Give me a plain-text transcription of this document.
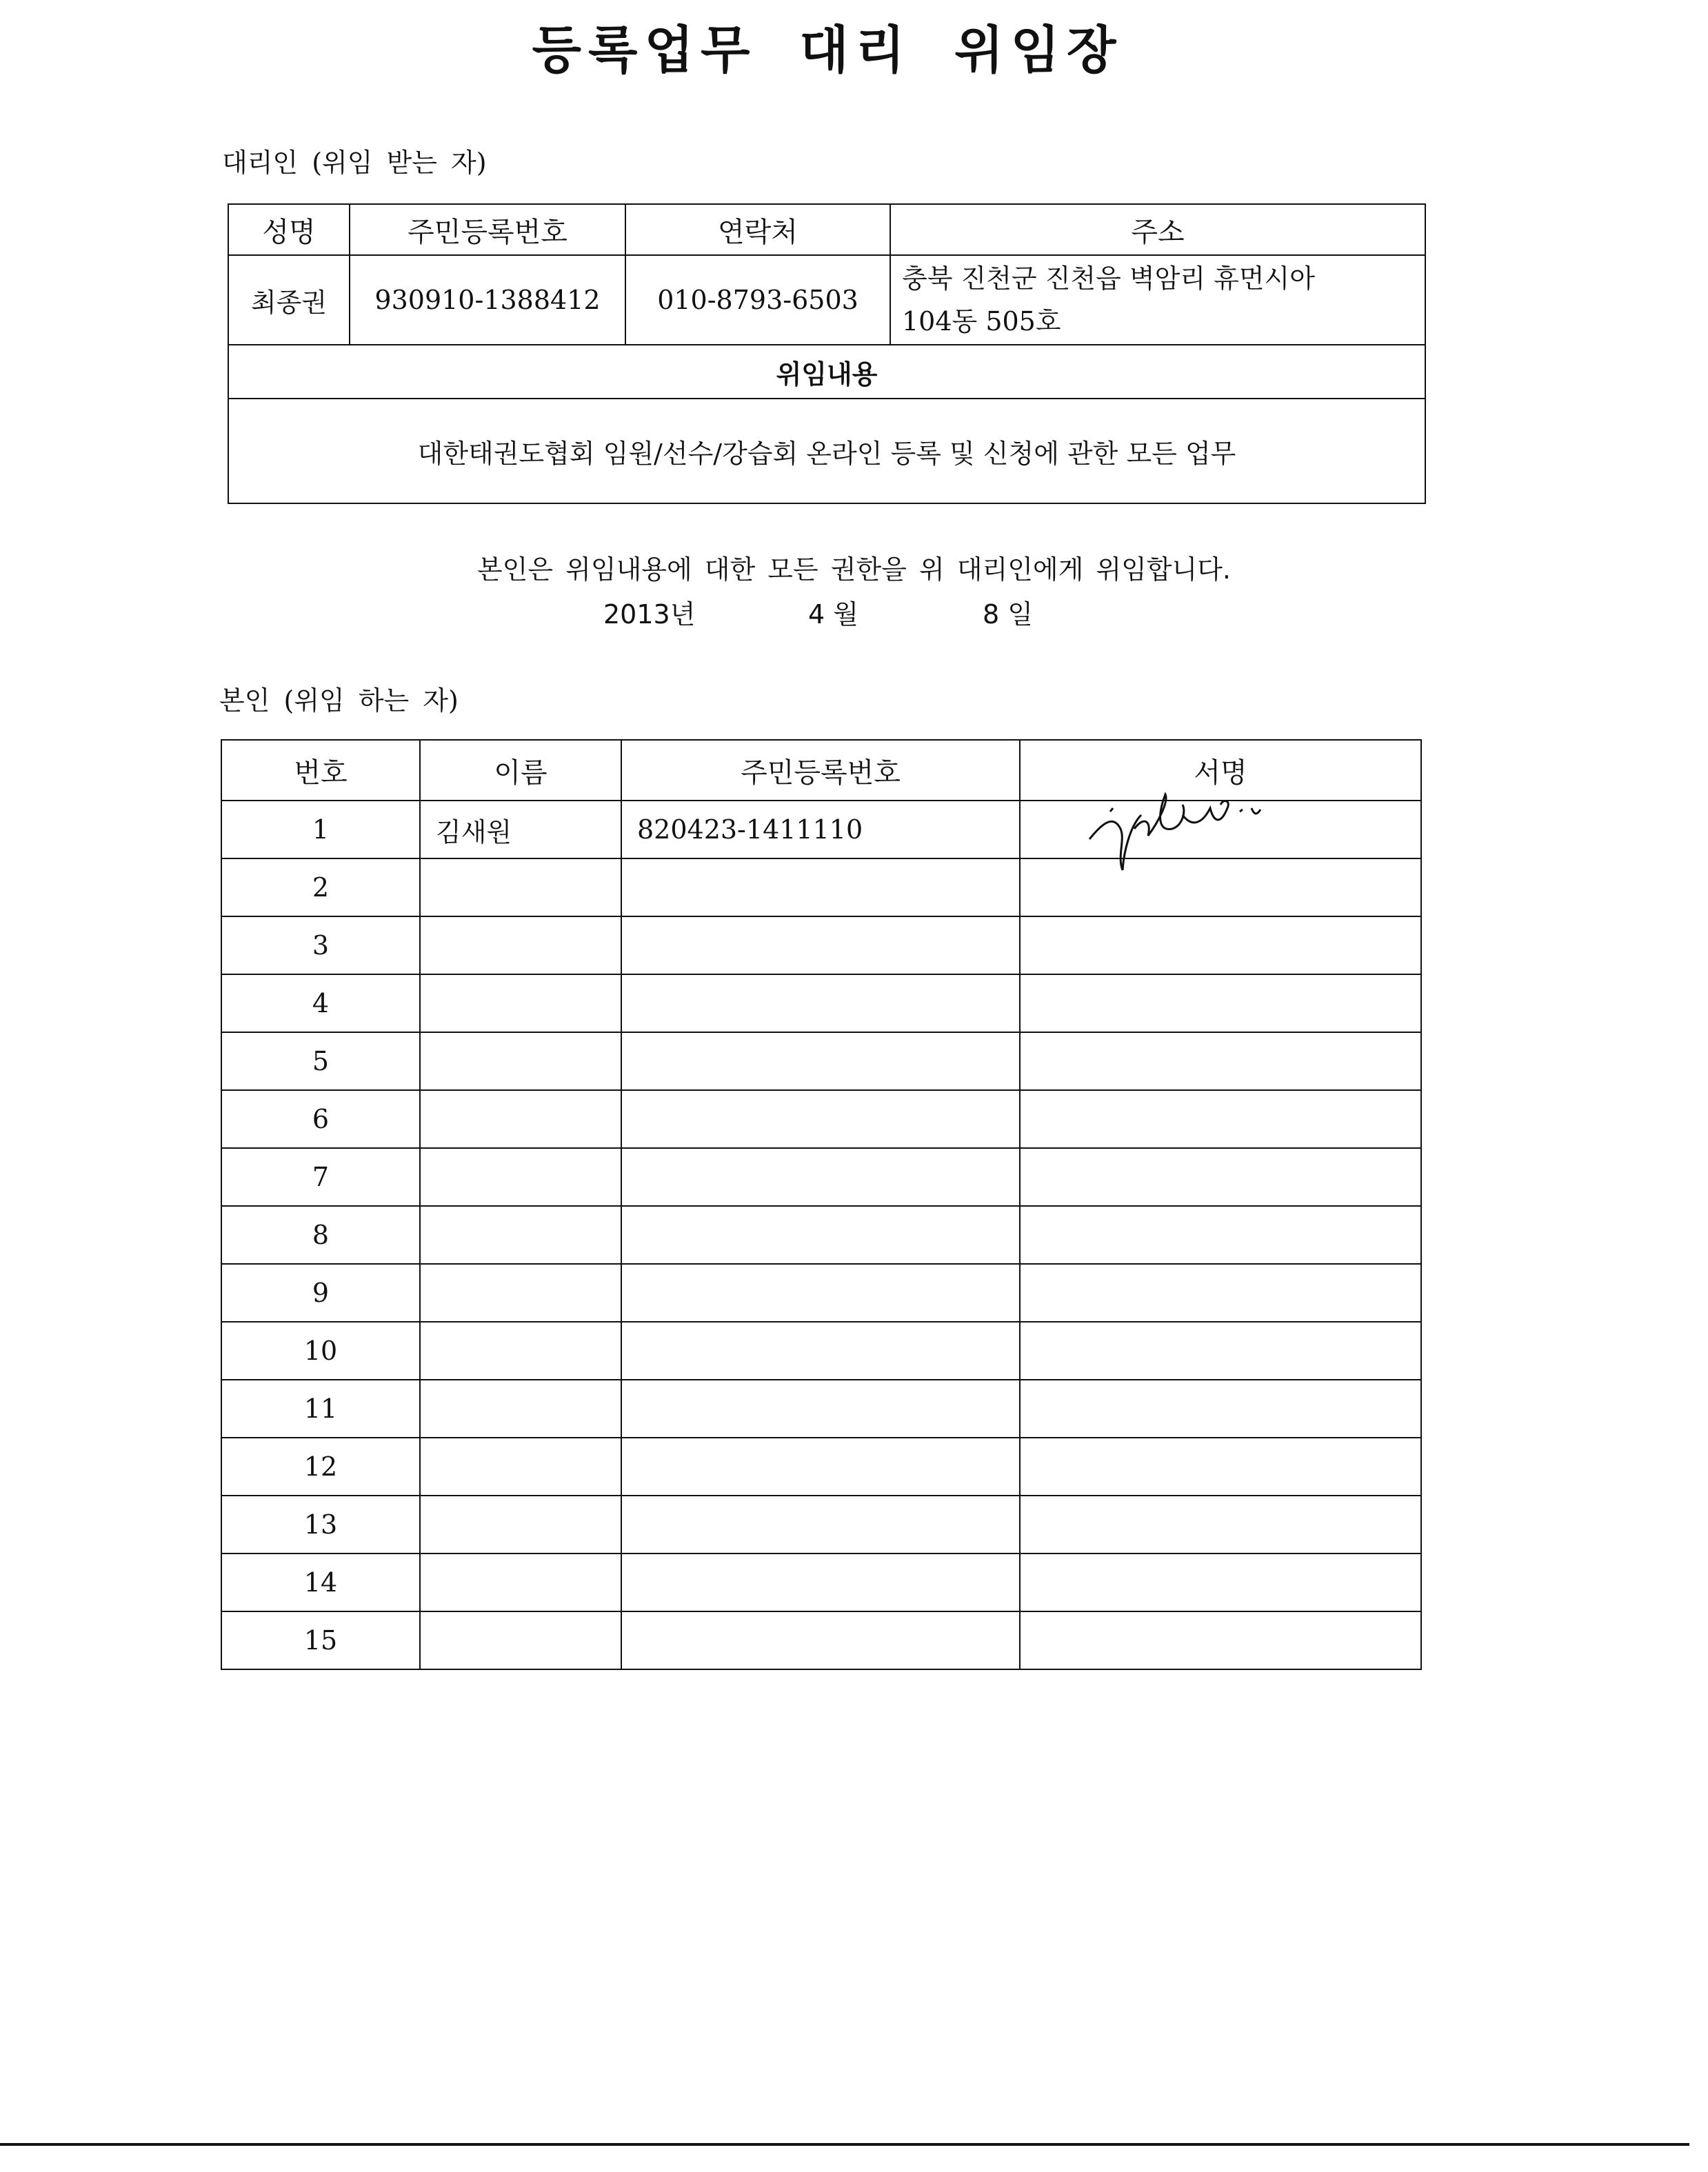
등록업무 대리 위임장
대리인 (위임 받는 자)
성명	주민등록번호	연락처	주소
최종권	930910-1388412	010-8793-6503	충북 진천군 진천읍 벽암리 휴먼시아
104동 505호

위임내용			
대한태권도협회 임원/선수/강습회 온라인 등록 및 신청에 관한 모든 업무			
본인은 위임내용에 대한 모든 권한을 위 대리인에게 위임합니다.
2013년	4 월	8 일
본인 (위임 하는 자)
번호	이름	주민등록번호	서명
1	김새원	820423-1411110	

2			
3			
4			
5			
6			
7			
8			
9			
10			
11			
12			
13			
14			
15			
